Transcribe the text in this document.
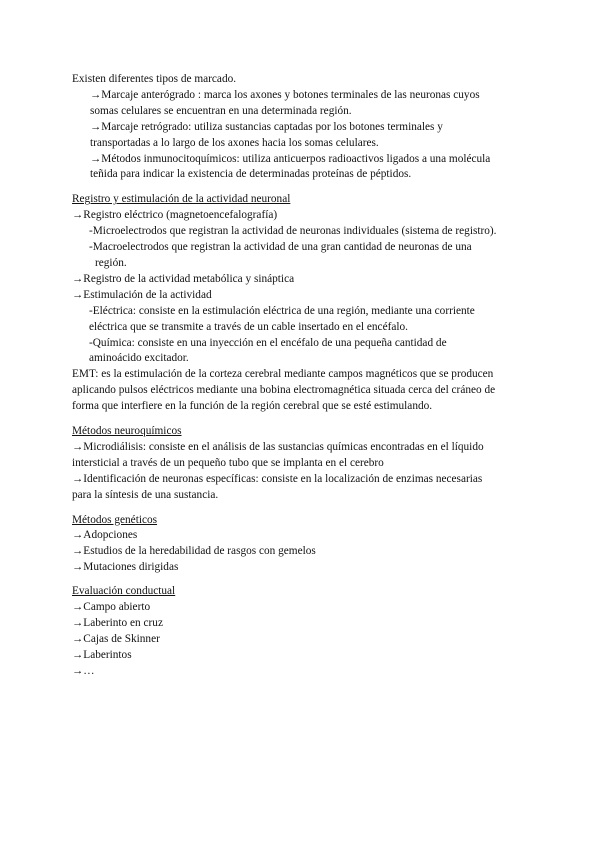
Existen diferentes tipos de marcado.

→Marcaje anterógrado : marca los axones y botones terminales de las neuronas cuyos

somas celulares se encuentran en una determinada región.

→Marcaje retrógrado: utiliza sustancias captadas por los botones terminales y

transportadas a lo largo de los axones hacia los somas celulares.

→Métodos inmunocitoquímicos: utiliza anticuerpos radioactivos ligados a una molécula

teñida para indicar la existencia de determinadas proteínas de péptidos.

Registro y estimulación de la actividad neuronal

→Registro eléctrico (magnetoencefalografía)

-Microelectrodos que registran la actividad de neuronas individuales (sistema de registro).

-Macroelectrodos que registran la actividad de una gran cantidad de neuronas de una

región.

→Registro de la actividad metabólica y sináptica

→Estimulación de la actividad

-Eléctrica: consiste en la estimulación eléctrica de una región, mediante una corriente

eléctrica que se transmite a través de un cable insertado en el encéfalo.

-Química: consiste en una inyección en el encéfalo de una pequeña cantidad de

aminoácido excitador.

EMT: es la estimulación de la corteza cerebral mediante campos magnéticos que se producen

aplicando pulsos eléctricos mediante una bobina electromagnética situada cerca del cráneo de

forma que interfiere en la función de la región cerebral que se esté estimulando.

Métodos neuroquímicos

→Microdiálisis: consiste en el análisis de las sustancias químicas encontradas en el líquido

intersticial a través de un pequeño tubo que se implanta en el cerebro

→Identificación de neuronas específicas: consiste en la localización de enzimas necesarias

para la síntesis de una sustancia.

Métodos genéticos

→Adopciones

→Estudios de la heredabilidad de rasgos con gemelos

→Mutaciones dirigidas

Evaluación conductual

→Campo abierto

→Laberinto en cruz

→Cajas de Skinner

→Laberintos

→…
